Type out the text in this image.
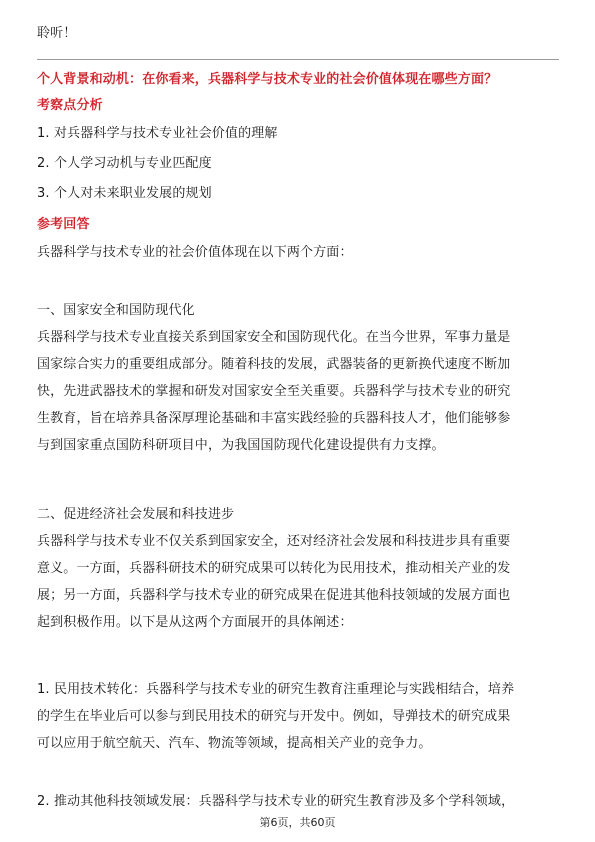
聆听！
个人背景和动机：在你看来，兵器科学与技术专业的社会价值体现在哪些方面？
考察点分析
1. 对兵器科学与技术专业社会价值的理解
2. 个人学习动机与专业匹配度
3. 个人对未来职业发展的规划
参考回答
兵器科学与技术专业的社会价值体现在以下两个方面：
一、国家安全和国防现代化
兵器科学与技术专业直接关系到国家安全和国防现代化。在当今世界，军事力量是
国家综合实力的重要组成部分。随着科技的发展，武器装备的更新换代速度不断加
快，先进武器技术的掌握和研发对国家安全至关重要。兵器科学与技术专业的研究
生教育，旨在培养具备深厚理论基础和丰富实践经验的兵器科技人才，他们能够参
与到国家重点国防科研项目中，为我国国防现代化建设提供有力支撑。
二、促进经济社会发展和科技进步
兵器科学与技术专业不仅关系到国家安全，还对经济社会发展和科技进步具有重要
意义。一方面，兵器科研技术的研究成果可以转化为民用技术，推动相关产业的发
展；另一方面，兵器科学与技术专业的研究成果在促进其他科技领域的发展方面也
起到积极作用。以下是从这两个方面展开的具体阐述：
1. 民用技术转化：兵器科学与技术专业的研究生教育注重理论与实践相结合，培养
的学生在毕业后可以参与到民用技术的研究与开发中。例如，导弹技术的研究成果
可以应用于航空航天、汽车、物流等领域，提高相关产业的竞争力。
2. 推动其他科技领域发展：兵器科学与技术专业的研究生教育涉及多个学科领域，
第6页，共60页
